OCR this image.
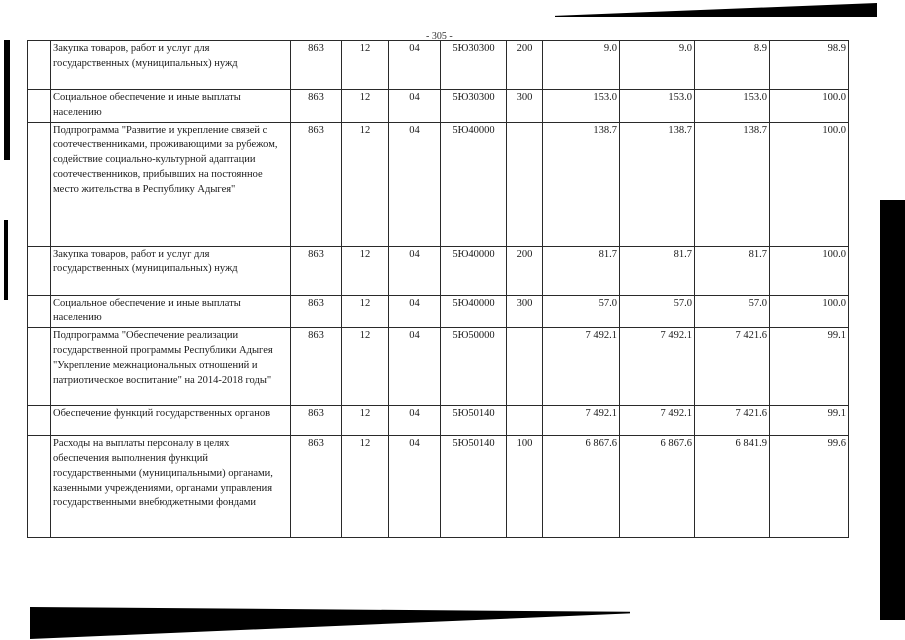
- 305 -
	Закупка товаров, работ и услуг для государственных (муниципальных) нужд	863	12	04	5Ю30300	200	9.0	9.0	8.9	98.9
	Социальное обеспечение и иные выплаты населению	863	12	04	5Ю30300	300	153.0	153.0	153.0	100.0
	Подпрограмма "Развитие и укрепление связей с соотечественниками, проживающими за рубежом, содействие социально-культурной адаптации соотечественников, прибывших на постоянное место жительства в Республику Адыгея"	863	12	04	5Ю40000		138.7	138.7	138.7	100.0
	Закупка товаров, работ и услуг для государственных (муниципальных) нужд	863	12	04	5Ю40000	200	81.7	81.7	81.7	100.0
	Социальное обеспечение и иные выплаты населению	863	12	04	5Ю40000	300	57.0	57.0	57.0	100.0
	Подпрограмма "Обеспечение реализации государственной программы Республики Адыгея "Укрепление межнациональных отношений и патриотическое воспитание" на 2014-2018 годы"	863	12	04	5Ю50000		7 492.1	7 492.1	7 421.6	99.1
	Обеспечение функций государственных органов	863	12	04	5Ю50140		7 492.1	7 492.1	7 421.6	99.1
	Расходы на выплаты персоналу в целях обеспечения выполнения функций государственными (муниципальными) органами, казенными учреждениями, органами управления государственными внебюджетными фондами	863	12	04	5Ю50140	100	6 867.6	6 867.6	6 841.9	99.6
